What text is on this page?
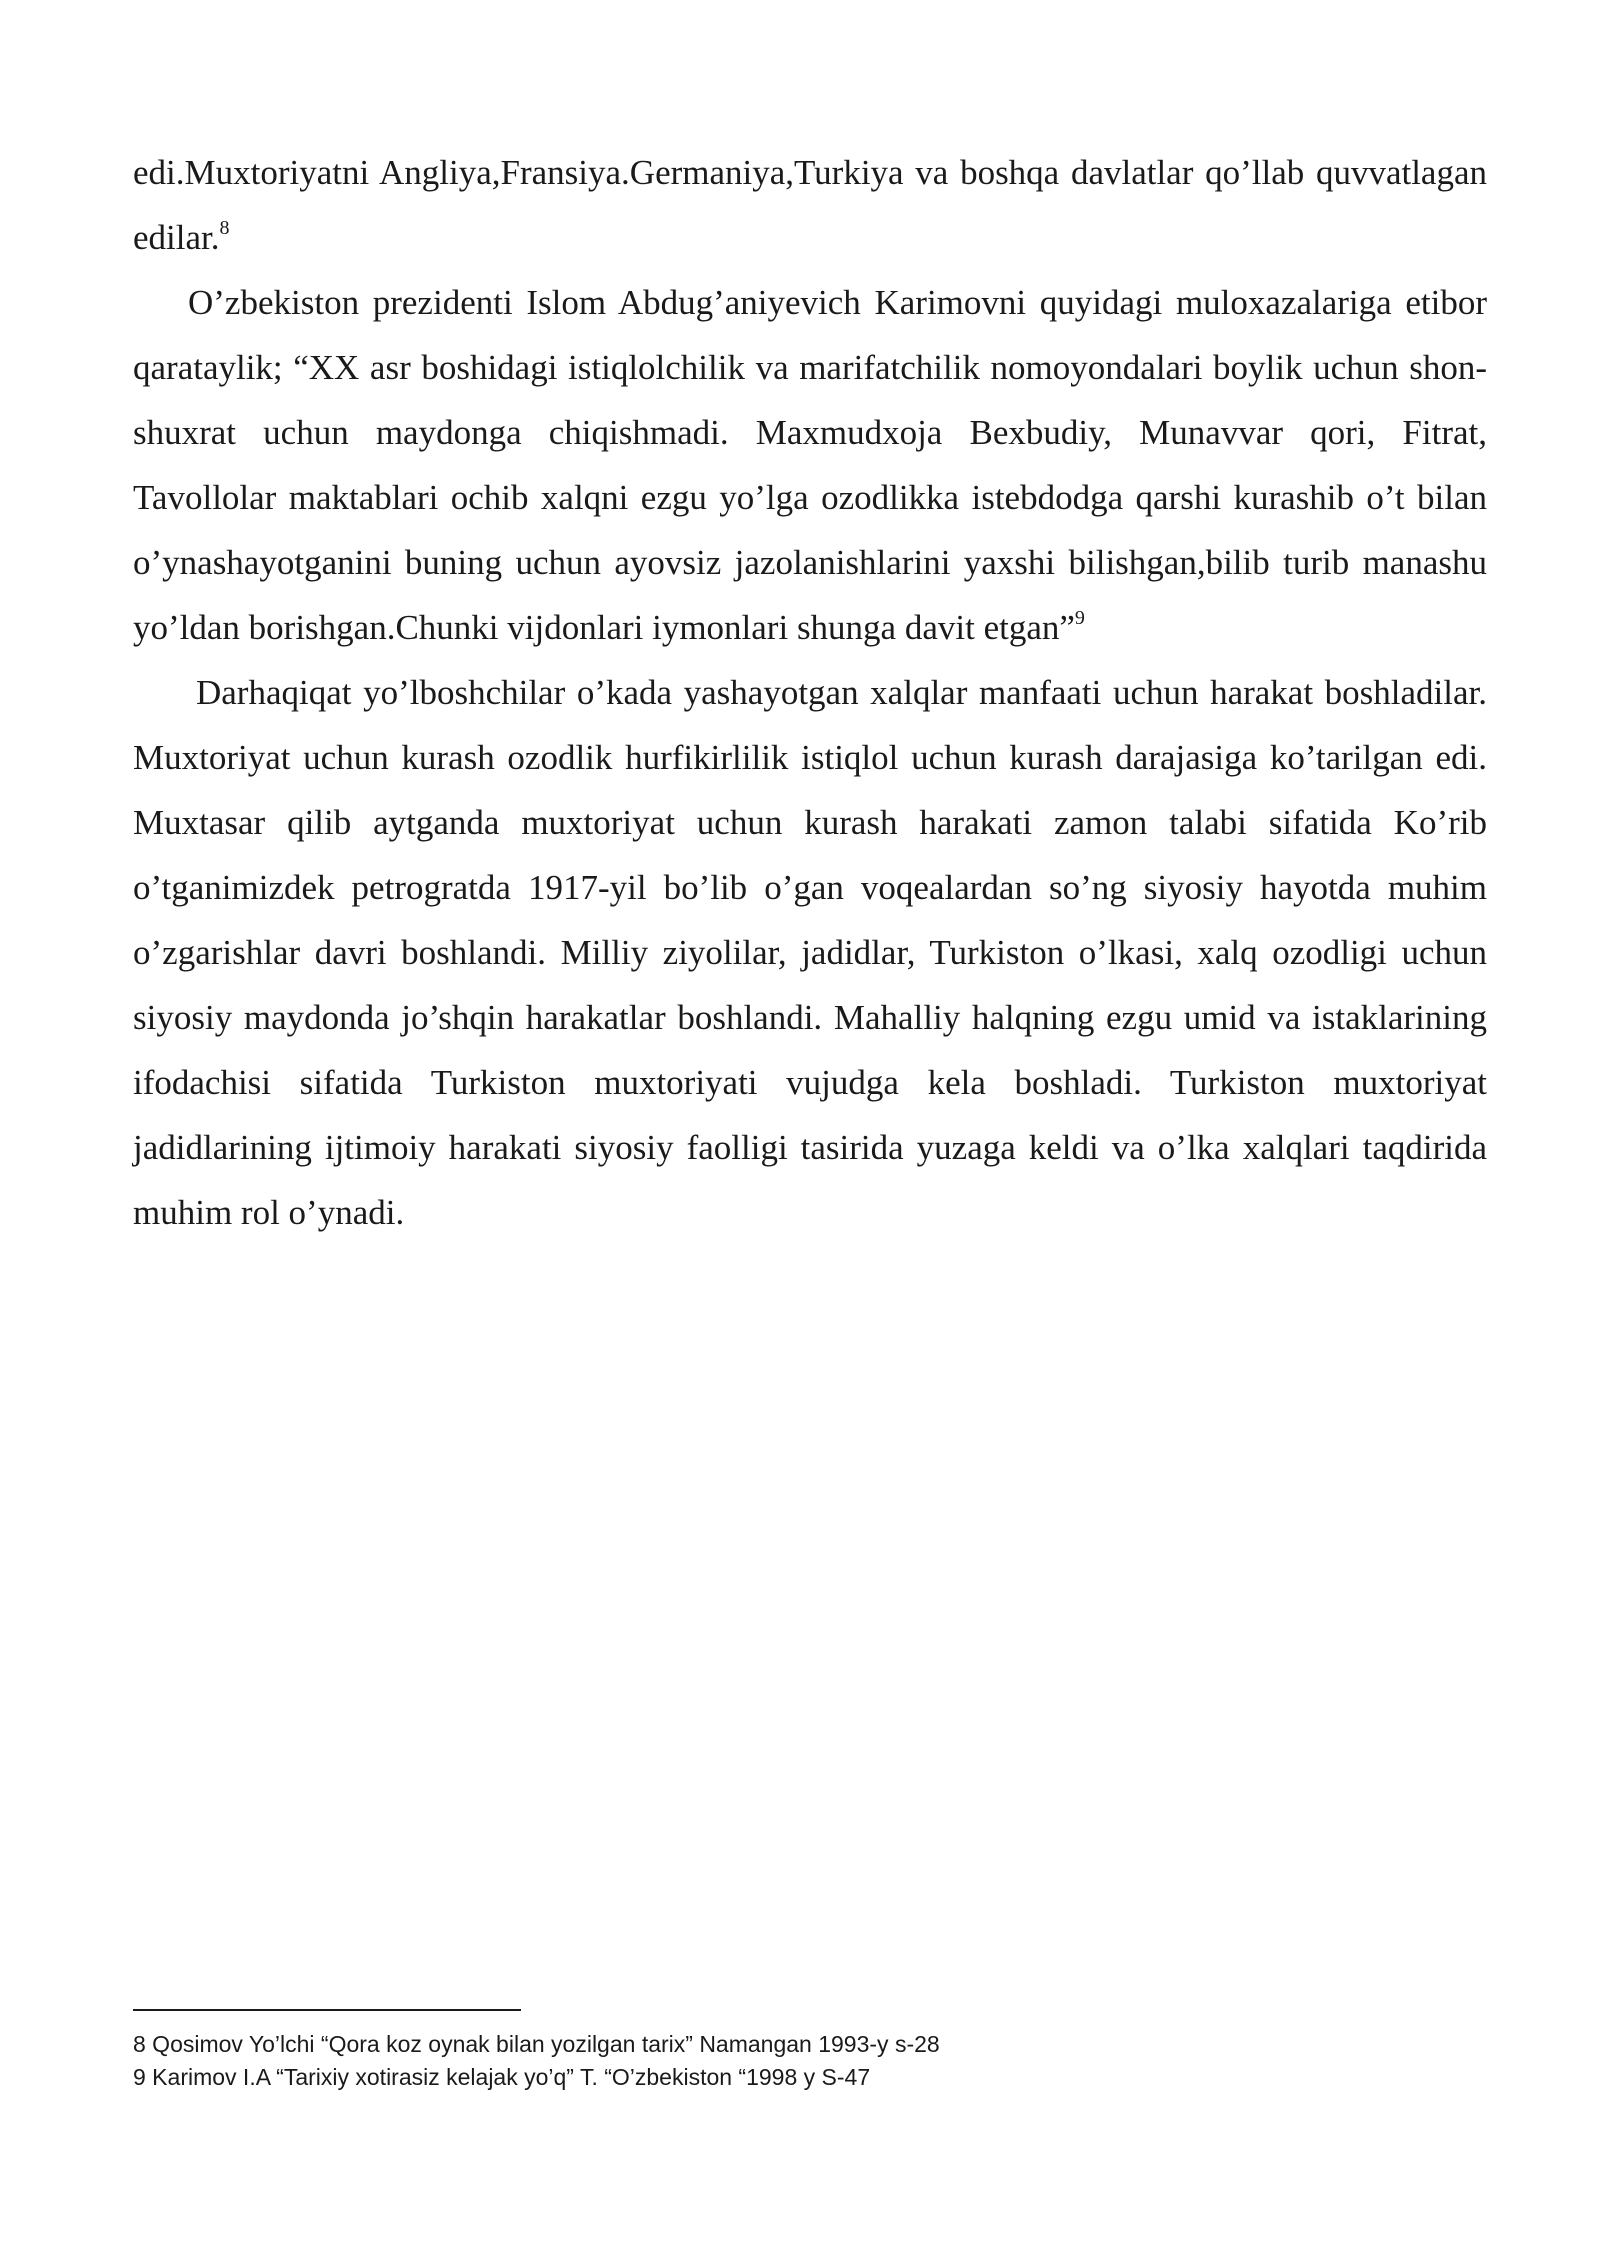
edi.Muxtoriyatni Angliya,Fransiya.Germaniya,Turkiya va boshqa davlatlar qo’llab quvvatlagan edilar.$^8$

O’zbekiston prezidenti Islom Abdug’aniyevich Karimovni quyidagi muloxazalariga etibor qarataylik; “XX asr boshidagi istiqlolchilik va marifatchilik nomoyondalari boylik uchun shon-shuxrat uchun maydonga chiqishmadi. Maxmudxoja Bexbudiy, Munavvar qori, Fitrat, Tavollolar maktablari ochib xalqni ezgu yo’lga ozodlikka istebdodga qarshi kurashib o’t bilan o’ynashayotganini buning uchun ayovsiz jazolanishlarini yaxshi bilishgan,bilib turib manashu yo’ldan borishgan.Chunki vijdonlari iymonlari shunga davit etgan”$^9$

Darhaqiqat yo’lboshchilar o’kada yashayotgan xalqlar manfaati uchun harakat boshladilar. Muxtoriyat uchun kurash ozodlik hurfikirlilik istiqlol uchun kurash darajasiga ko’tarilgan edi. Muxtasar qilib aytganda muxtoriyat uchun kurash harakati zamon talabi sifatida Ko’rib o’tganimizdek petrogratda 1917-yil bo’lib o’gan voqealardan so’ng siyosiy hayotda muhim o’zgarishlar davri boshlandi. Milliy ziyolilar, jadidlar, Turkiston o’lkasi, xalq ozodligi uchun siyosiy maydonda jo’shqin harakatlar boshlandi. Mahalliy halqning ezgu umid va istaklarining ifodachisi sifatida Turkiston muxtoriyati vujudga kela boshladi. Turkiston muxtoriyat jadidlarining ijtimoiy harakati siyosiy faolligi tasirida yuzaga keldi va o’lka xalqlari taqdirida muhim rol o’ynadi.

8 Qosimov Yo’lchi “Qora koz oynak bilan yozilgan tarix” Namangan 1993-y s-28

9 Karimov I.A “Tarixiy xotirasiz kelajak yo’q” T. “O’zbekiston “1998 y S-47
